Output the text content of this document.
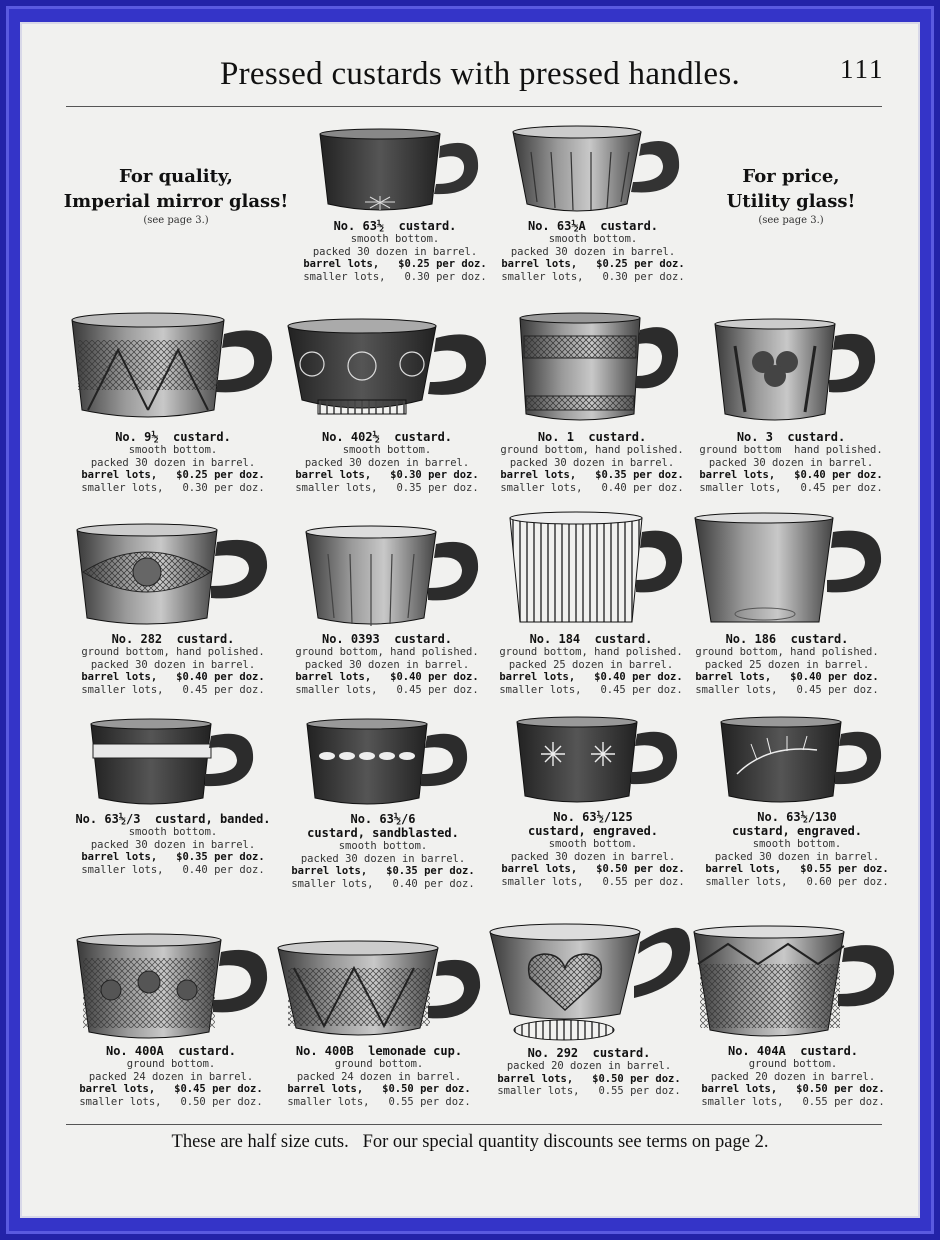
Pressed custards with pressed handles.	111
For quality,
Imperial mirror glass!
(see page 3.)
For price,
Utility glass!
(see page 3.)
No. 63½  custard.
smooth bottom.
packed 30 dozen in barrel.
barrel lots,   $0.25 per doz.
smaller lots,   0.30 per doz.
No. 63½A  custard.
smooth bottom.
packed 30 dozen in barrel.
barrel lots,   $0.25 per doz.
smaller lots,   0.30 per doz.
No. 9½  custard.
smooth bottom.
packed 30 dozen in barrel.
barrel lots,   $0.25 per doz.
smaller lots,   0.30 per doz.
No. 402½  custard.
smooth bottom.
packed 30 dozen in barrel.
barrel lots,   $0.30 per doz.
smaller lots,   0.35 per doz.
No. 1  custard.
ground bottom, hand polished.
packed 30 dozen in barrel.
barrel lots,   $0.35 per doz.
smaller lots,   0.40 per doz.
No. 3  custard.
ground bottom  hand polished.
packed 30 dozen in barrel.
barrel lots,   $0.40 per doz.
smaller lots,   0.45 per doz.
No. 282  custard.
ground bottom, hand polished.
packed 30 dozen in barrel.
barrel lots,   $0.40 per doz.
smaller lots,   0.45 per doz.
No. 0393  custard.
ground bottom, hand polished.
packed 30 dozen in barrel.
barrel lots,   $0.40 per doz.
smaller lots,   0.45 per doz.
No. 184  custard.
ground bottom, hand polished.
packed 25 dozen in barrel.
barrel lots,   $0.40 per doz.
smaller lots,   0.45 per doz.
No. 186  custard.
ground bottom, hand polished.
packed 25 dozen in barrel.
barrel lots,   $0.40 per doz.
smaller lots,   0.45 per doz.
No. 63½/3  custard, banded.
smooth bottom.
packed 30 dozen in barrel.
barrel lots,   $0.35 per doz.
smaller lots,   0.40 per doz.
No. 63½/6
custard, sandblasted.
smooth bottom.
packed 30 dozen in barrel.
barrel lots,   $0.35 per doz.
smaller lots,   0.40 per doz.
No. 63½/125
custard, engraved.
smooth bottom.
packed 30 dozen in barrel.
barrel lots,   $0.50 per doz.
smaller lots,   0.55 per doz.
No. 63½/130
custard, engraved.
smooth bottom.
packed 30 dozen in barrel.
barrel lots,   $0.55 per doz.
smaller lots,   0.60 per doz.
No. 400A  custard.
ground bottom.
packed 24 dozen in barrel.
barrel lots,   $0.45 per doz.
smaller lots,   0.50 per doz.
No. 400B  lemonade cup.
ground bottom.
packed 24 dozen in barrel.
barrel lots,   $0.50 per doz.
smaller lots,   0.55 per doz.
No. 292  custard.
packed 20 dozen in barrel.
barrel lots,   $0.50 per doz.
smaller lots,   0.55 per doz.
No. 404A  custard.
ground bottom.
packed 20 dozen in barrel.
barrel lots,   $0.50 per doz.
smaller lots,   0.55 per doz.
These are half size cuts.   For our special quantity discounts see terms on page 2.
